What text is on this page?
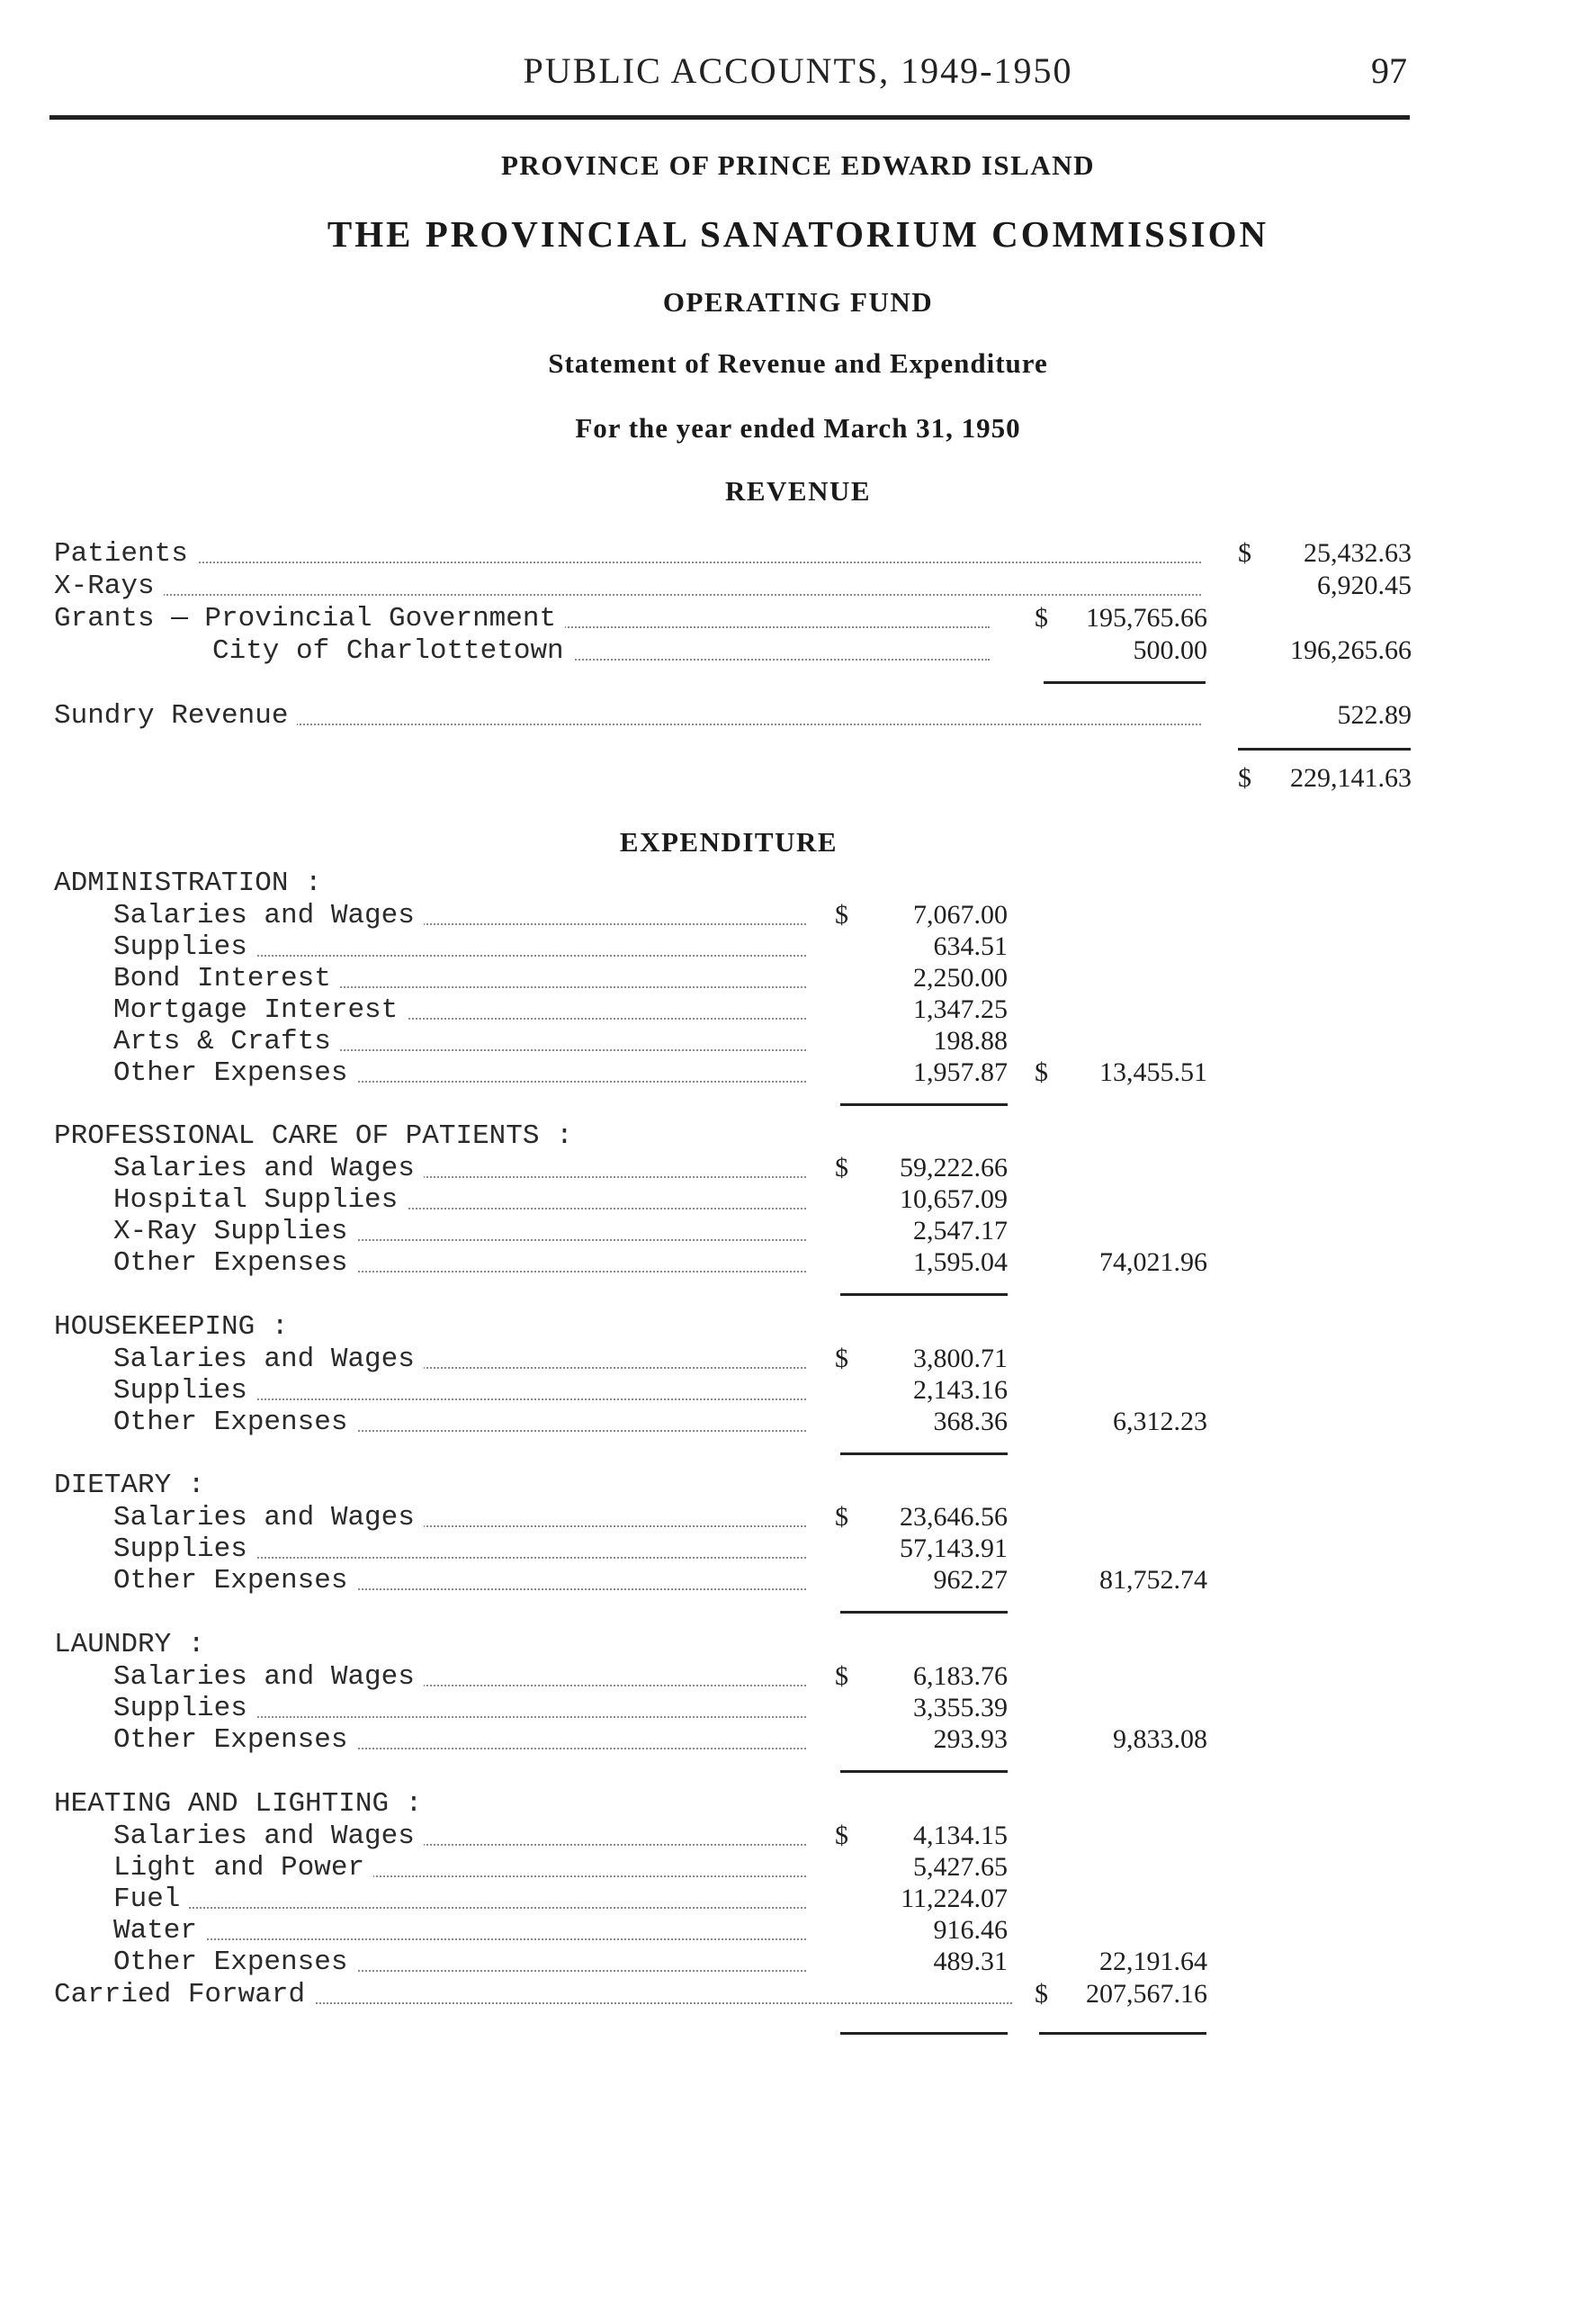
PUBLIC ACCOUNTS, 1949-1950	97
PROVINCE OF PRINCE EDWARD ISLAND
THE PROVINCIAL SANATORIUM COMMISSION
OPERATING FUND
Statement of Revenue and Expenditure
For the year ended March 31, 1950
REVENUE
Patients	$ 25,432.63
X-Rays	6,920.45
Grants — Provincial Government	$ 195,765.66
City of Charlottetown	500.00	196,265.66
Sundry Revenue	522.89
$ 229,141.63
EXPENDITURE
ADMINISTRATION :
Salaries and Wages	$ 7,067.00
Supplies	634.51
Bond Interest	2,250.00
Mortgage Interest	1,347.25
Arts & Crafts	198.88
Other Expenses	1,957.87 $ 13,455.51
PROFESSIONAL CARE OF PATIENTS :
Salaries and Wages	$ 59,222.66
Hospital Supplies	10,657.09
X-Ray Supplies	2,547.17
Other Expenses	1,595.04	74,021.96
HOUSEKEEPING :
Salaries and Wages	$ 3,800.71
Supplies	2,143.16
Other Expenses	368.36	6,312.23
DIETARY :
Salaries and Wages	$ 23,646.56
Supplies	57,143.91
Other Expenses	962.27	81,752.74
LAUNDRY :
Salaries and Wages	$ 6,183.76
Supplies	3,355.39
Other Expenses	293.93	9,833.08
HEATING AND LIGHTING :
Salaries and Wages	$ 4,134.15
Light and Power	5,427.65
Fuel	11,224.07
Water	916.46
Other Expenses	489.31	22,191.64
Carried Forward	$ 207,567.16
